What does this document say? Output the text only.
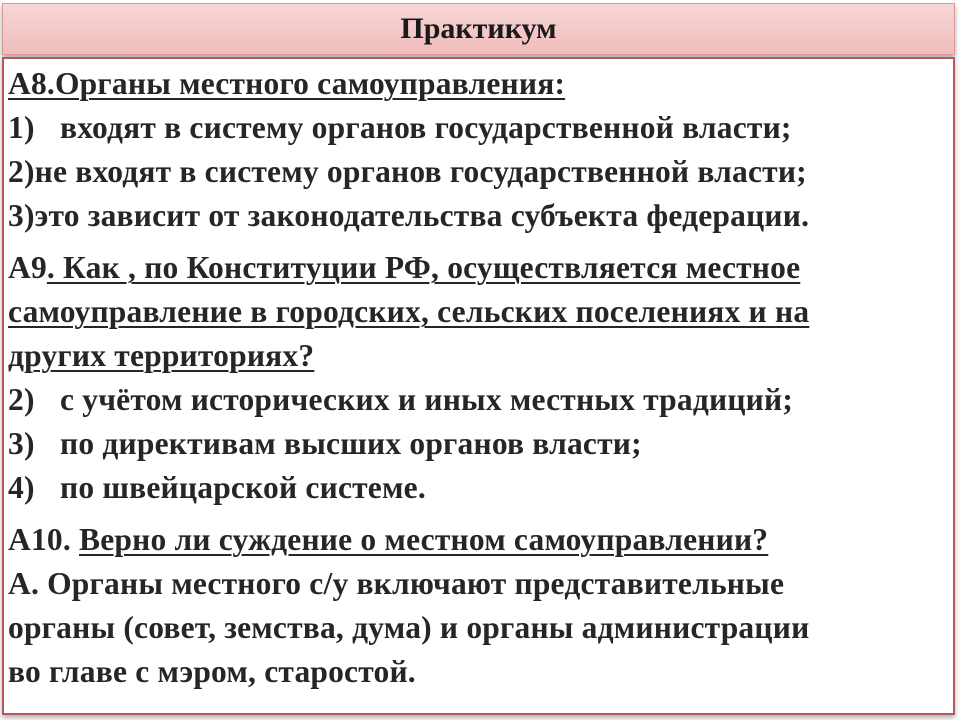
Практикум
А8.Органы местного самоуправления:
1) входят в систему органов государственной власти;
2)не входят в систему органов государственной власти;
3)это зависит от законодательства субъекта федерации.
А9. Как , по Конституции РФ, осуществляется местное
самоуправление в городских, сельских поселениях и на
других территориях?
2) с учётом исторических и иных местных традиций;
3) по директивам высших органов власти;
4) по швейцарской системе.
А10. Верно ли суждение о местном самоуправлении?
А. Органы местного с/у включают представительные
органы (совет, земства, дума) и органы администрации
во главе с мэром, старостой.
